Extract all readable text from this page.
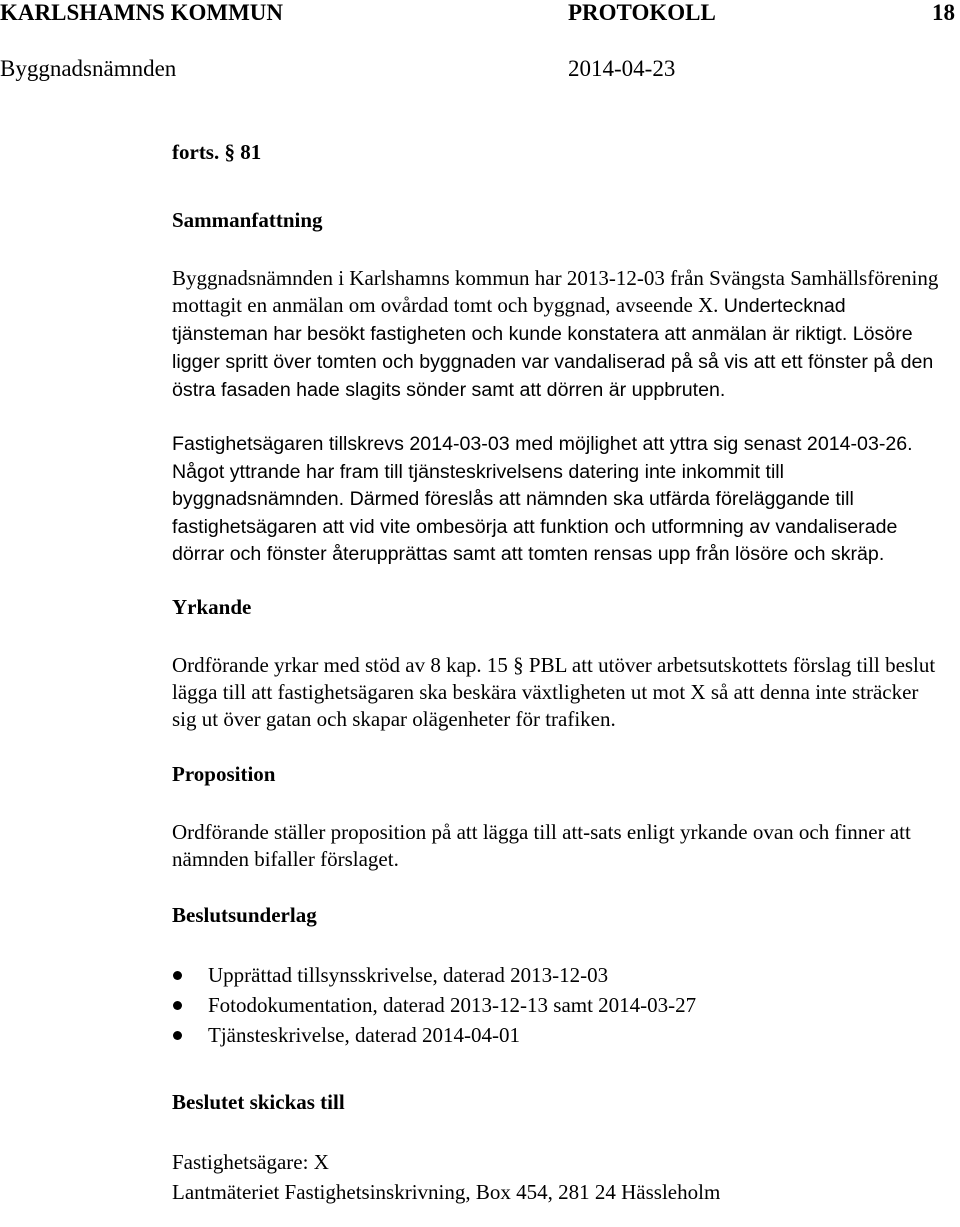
KARLSHAMNS KOMMUN	PROTOKOLL	18
Byggnadsnämnden	2014-04-23
forts. § 81
Sammanfattning

Byggnadsnämnden i Karlshamns kommun har 2013-12-03 från Svängsta Samhällsförening mottagit en anmälan om ovårdad tomt och byggnad, avseende X. Undertecknad tjänsteman har besökt fastigheten och kunde konstatera att anmälan är riktigt. Lösöre ligger spritt över tomten och byggnaden var vandaliserad på så vis att ett fönster på den östra fasaden hade slagits sönder samt att dörren är uppbruten.

Fastighetsägaren tillskrevs 2014-03-03 med möjlighet att yttra sig senast 2014-03-26. Något yttrande har fram till tjänsteskrivelsens datering inte inkommit till byggnadsnämnden. Därmed föreslås att nämnden ska utfärda föreläggande till fastighetsägaren att vid vite ombesörja att funktion och utformning av vandaliserade dörrar och fönster återupprättas samt att tomten rensas upp från lösöre och skräp.

Yrkande

Ordförande yrkar med stöd av 8 kap. 15 § PBL att utöver arbetsutskottets förslag till beslut lägga till att fastighetsägaren ska beskära växtligheten ut mot X så att denna inte sträcker sig ut över gatan och skapar olägenheter för trafiken.

Proposition

Ordförande ställer proposition på att lägga till att-sats enligt yrkande ovan och finner att nämnden bifaller förslaget.

Beslutsunderlag
Upprättad tillsynsskrivelse, daterad 2013-12-03
Fotodokumentation, daterad 2013-12-13 samt 2014-03-27
Tjänsteskrivelse, daterad 2014-04-01
Beslutet skickas till
Fastighetsägare: X
Lantmäteriet Fastighetsinskrivning, Box 454, 281 24 Hässleholm
